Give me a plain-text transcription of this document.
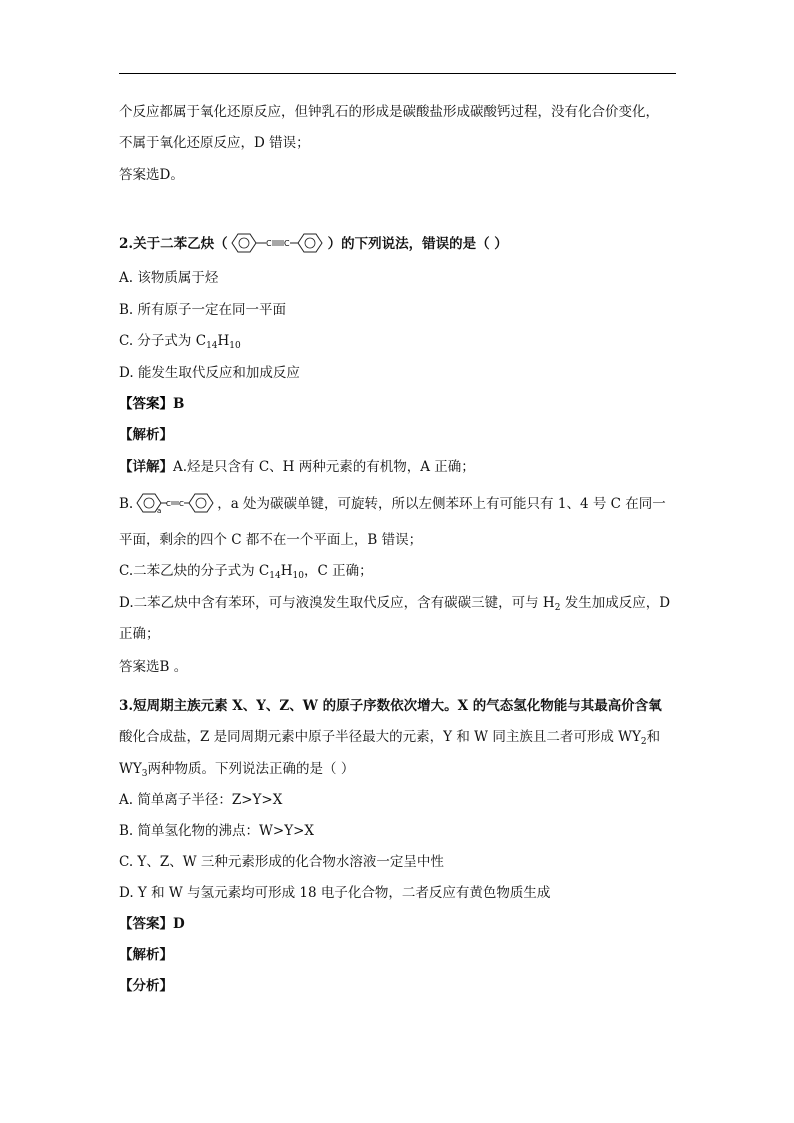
个反应都属于氧化还原反应，但钟乳石的形成是碳酸盐形成碳酸钙过程，没有化合价变化，
不属于氧化还原反应，D 错误；
答案选D。
2.关于二苯乙炔（	C C	）的下列说法，错误的是（ ）
A. 该物质属于烃
B. 所有原子一定在同一平面
C. 分子式为 $C_{14}H_{10}$
D. 能发生取代反应和加成反应
【答案】B
【解析】
【详解】A.烃是只含有 C、H 两种元素的有机物，A 正确；
B.	a
C C ，a 处为碳碳单键，可旋转，所以左侧苯环上有可能只有 1、4 号 C 在同一
平面，剩余的四个 C 都不在一个平面上，B 错误；
C.二苯乙炔的分子式为 $C_{14}H_{10}$，C 正确；
D.二苯乙炔中含有苯环，可与液溴发生取代反应，含有碳碳三键，可与 $H_2$ 发生加成反应，D
正确；
答案选B 。
3.短周期主族元素 X、Y、Z、W 的原子序数依次增大。X 的气态氢化物能与其最高价含氧
酸化合成盐，Z 是同周期元素中原子半径最大的元素，Y 和 W 同主族且二者可形成 $WY_2$和
$WY_3$两种物质。下列说法正确的是（ ）
A. 简单离子半径：Z>Y>X
B. 简单氢化物的沸点：W>Y>X
C. Y、Z、W 三种元素形成的化合物水溶液一定呈中性
D. Y 和 W 与氢元素均可形成 18 电子化合物，二者反应有黄色物质生成
【答案】D
【解析】
【分析】
